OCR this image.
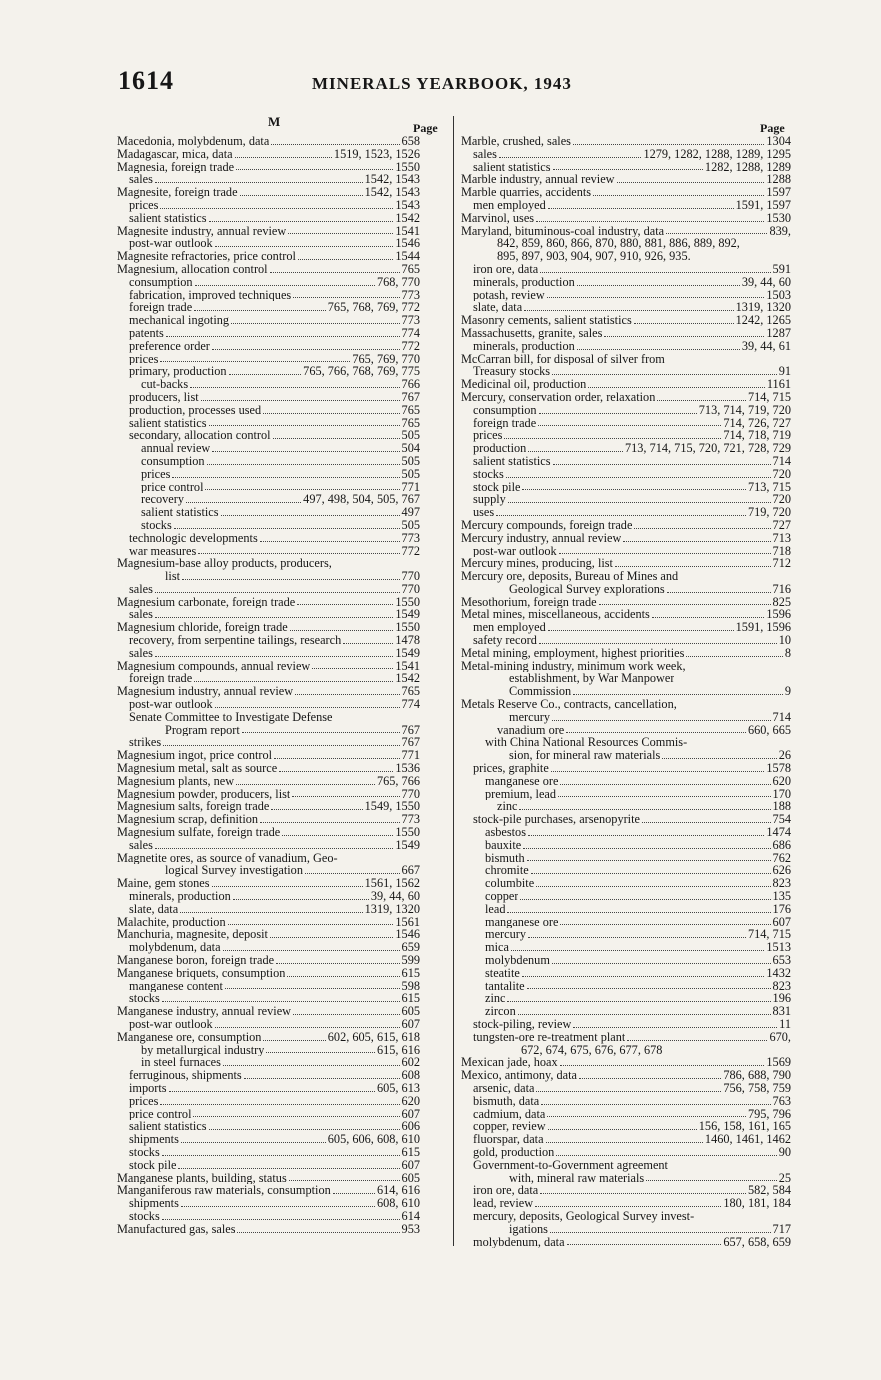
1614	MINERALS YEARBOOK, 1943
M	Page	Page
Macedonia, molybdenum, data	658
Madagascar, mica, data	1519, 1523, 1526
Magnesia, foreign trade	1550
sales	1542, 1543
Magnesite, foreign trade	1542, 1543
prices	1543
salient statistics	1542
Magnesite industry, annual review	1541
post-war outlook	1546
Magnesite refractories, price control	1544
Magnesium, allocation control	765
consumption	768, 770
fabrication, improved techniques	773
foreign trade	765, 768, 769, 772
mechanical ingoting	773
patents	774
preference order	772
prices	765, 769, 770
primary, production	765, 766, 768, 769, 775
cut-backs	766
producers, list	767
production, processes used	765
salient statistics	765
secondary, allocation control	505
annual review	504
consumption	505
prices	505
price control	771
recovery	497, 498, 504, 505, 767
salient statistics	497
stocks	505
technologic developments	773
war measures	772
Magnesium-base alloy products, producers,
list	770
sales	770
Magnesium carbonate, foreign trade	1550
sales	1549
Magnesium chloride, foreign trade	1550
recovery, from serpentine tailings, research	1478
sales	1549
Magnesium compounds, annual review	1541
foreign trade	1542
Magnesium industry, annual review	765
post-war outlook	774
Senate Committee to Investigate Defense
Program report	767
strikes	767
Magnesium ingot, price control	771
Magnesium metal, salt as source	1536
Magnesium plants, new	765, 766
Magnesium powder, producers, list	770
Magnesium salts, foreign trade	1549, 1550
Magnesium scrap, definition	773
Magnesium sulfate, foreign trade	1550
sales	1549
Magnetite ores, as source of vanadium, Geo-
logical Survey investigation	667
Maine, gem stones	1561, 1562
minerals, production	39, 44, 60
slate, data	1319, 1320
Malachite, production	1561
Manchuria, magnesite, deposit	1546
molybdenum, data	659
Manganese boron, foreign trade	599
Manganese briquets, consumption	615
manganese content	598
stocks	615
Manganese industry, annual review	605
post-war outlook	607
Manganese ore, consumption	602, 605, 615, 618
by metallurgical industry	615, 616
in steel furnaces	602
ferruginous, shipments	608
imports	605, 613
prices	620
price control	607
salient statistics	606
shipments	605, 606, 608, 610
stocks	615
stock pile	607
Manganese plants, building, status	605
Manganiferous raw materials, consumption	614, 616
shipments	608, 610
stocks	614
Manufactured gas, sales	953
Marble, crushed, sales	1304
sales	1279, 1282, 1288, 1289, 1295
salient statistics	1282, 1288, 1289
Marble industry, annual review	1288
Marble quarries, accidents	1597
men employed	1591, 1597
Marvinol, uses	1530
Maryland, bituminous-coal industry, data	839,
842, 859, 860, 866, 870, 880, 881, 886, 889, 892,
895, 897, 903, 904, 907, 910, 926, 935.
iron ore, data	591
minerals, production	39, 44, 60
potash, review	1503
slate, data	1319, 1320
Masonry cements, salient statistics	1242, 1265
Massachusetts, granite, sales	1287
minerals, production	39, 44, 61
McCarran bill, for disposal of silver from
Treasury stocks	91
Medicinal oil, production	1161
Mercury, conservation order, relaxation	714, 715
consumption	713, 714, 719, 720
foreign trade	714, 726, 727
prices	714, 718, 719
production	713, 714, 715, 720, 721, 728, 729
salient statistics	714
stocks	720
stock pile	713, 715
supply	720
uses	719, 720
Mercury compounds, foreign trade	727
Mercury industry, annual review	713
post-war outlook	718
Mercury mines, producing, list	712
Mercury ore, deposits, Bureau of Mines and
Geological Survey explorations	716
Mesothorium, foreign trade	825
Metal mines, miscellaneous, accidents	1596
men employed	1591, 1596
safety record	10
Metal mining, employment, highest priorities	8
Metal-mining industry, minimum work week,
establishment, by War Manpower
Commission	9
Metals Reserve Co., contracts, cancellation,
mercury	714
vanadium ore	660, 665
with China National Resources Commis-
sion, for mineral raw materials	26
prices, graphite	1578
manganese ore	620
premium, lead	170
zinc	188
stock-pile purchases, arsenopyrite	754
asbestos	1474
bauxite	686
bismuth	762
chromite	626
columbite	823
copper	135
lead	176
manganese ore	607
mercury	714, 715
mica	1513
molybdenum	653
steatite	1432
tantalite	823
zinc	196
zircon	831
stock-piling, review	11
tungsten-ore re-treatment plant	670,
672, 674, 675, 676, 677, 678
Mexican jade, hoax	1569
Mexico, antimony, data	786, 688, 790
arsenic, data	756, 758, 759
bismuth, data	763
cadmium, data	795, 796
copper, review	156, 158, 161, 165
fluorspar, data	1460, 1461, 1462
gold, production	90
Government-to-Government agreement
with, mineral raw materials	25
iron ore, data	582, 584
lead, review	180, 181, 184
mercury, deposits, Geological Survey invest-
igations	717
molybdenum, data	657, 658, 659
